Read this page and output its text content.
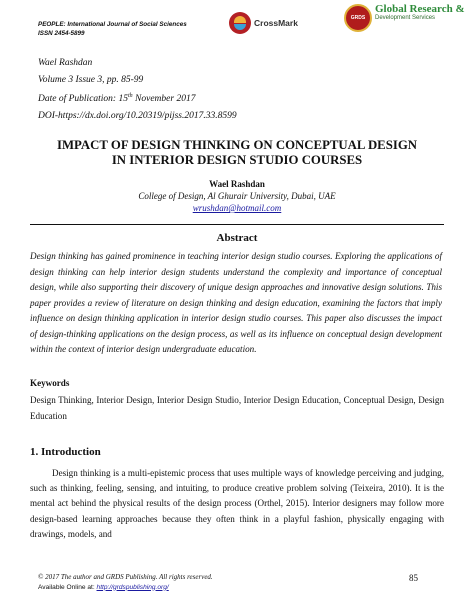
PEOPLE: International Journal of Social Sciences
ISSN 2454-5899
CrossMark	GRDS
Global Research &
Development Services
Wael Rashdan
Volume 3 Issue 3, pp. 85-99
Date of Publication: 15th November 2017
DOI-https://dx.doi.org/10.20319/pijss.2017.33.8599
IMPACT OF DESIGN THINKING ON CONCEPTUAL DESIGN
IN INTERIOR DESIGN STUDIO COURSES
Wael Rashdan
College of Design, Al Ghurair University, Dubai, UAE
wrushdan@hotmail.com
Abstract
Design thinking has gained prominence in teaching interior design studio courses. Exploring the applications of design thinking can help interior design students understand the complexity and importance of conceptual design, while also supporting their discovery of unique design approaches and innovative design solutions. This paper provides a review of literature on design thinking and design education, examining the factors that imply influence on design thinking application in interior design studio courses. This paper also discusses the impact of design-thinking applications on the design process, as well as its influence on conceptual design development within the context of interior design undergraduate education.
Keywords
Design Thinking, Interior Design, Interior Design Studio, Interior Design Education, Conceptual Design, Design Education
1. Introduction
Design thinking is a multi-epistemic process that uses multiple ways of knowledge perceiving and judging, such as thinking, feeling, sensing, and intuiting, to produce creative problem solving (Teixeira, 2010). It is the mental act behind the physical results of the design process (Orthel, 2015). Interior designers may follow more design-based learning approaches because they often think in a playful fashion, physically engaging with drawings, models, and
© 2017 The author and GRDS Publishing. All rights reserved.
Available Online at: http://grdspublishing.org/
85
